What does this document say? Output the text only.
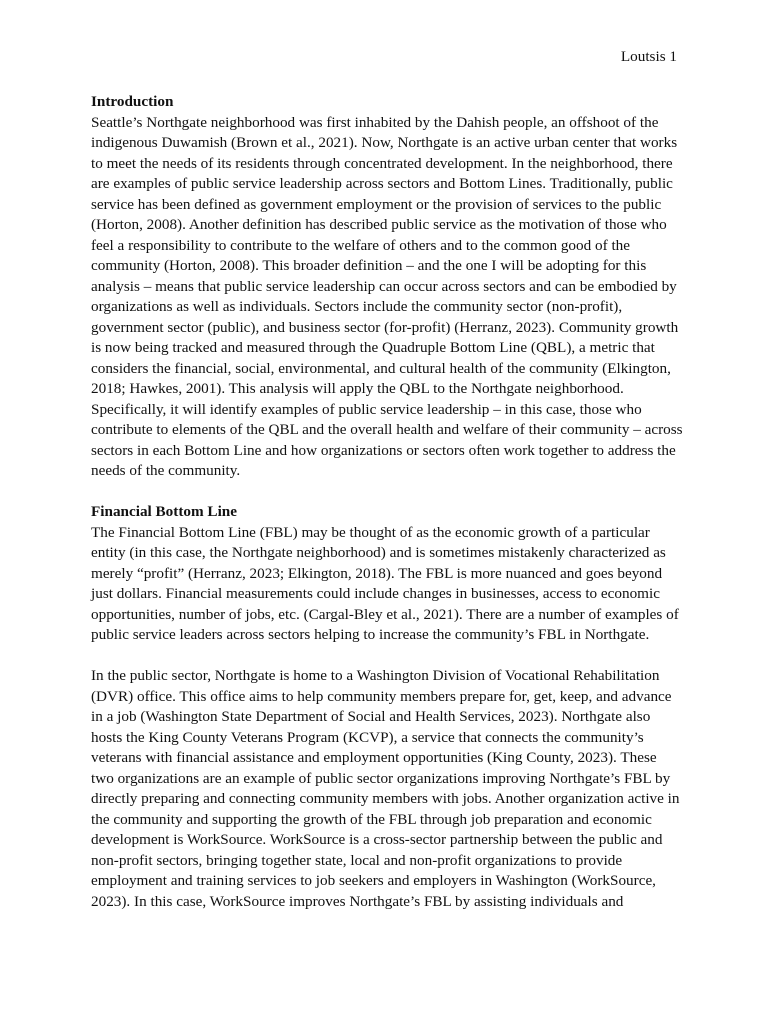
Loutsis 1
Introduction
Seattle’s Northgate neighborhood was first inhabited by the Dahish people, an offshoot of the
indigenous Duwamish (Brown et al., 2021). Now, Northgate is an active urban center that works
to meet the needs of its residents through concentrated development. In the neighborhood, there
are examples of public service leadership across sectors and Bottom Lines. Traditionally, public
service has been defined as government employment or the provision of services to the public
(Horton, 2008). Another definition has described public service as the motivation of those who
feel a responsibility to contribute to the welfare of others and to the common good of the
community (Horton, 2008). This broader definition – and the one I will be adopting for this
analysis – means that public service leadership can occur across sectors and can be embodied by
organizations as well as individuals. Sectors include the community sector (non-profit),
government sector (public), and business sector (for-profit) (Herranz, 2023). Community growth
is now being tracked and measured through the Quadruple Bottom Line (QBL), a metric that
considers the financial, social, environmental, and cultural health of the community (Elkington,
2018; Hawkes, 2001). This analysis will apply the QBL to the Northgate neighborhood.
Specifically, it will identify examples of public service leadership – in this case, those who
contribute to elements of the QBL and the overall health and welfare of their community – across
sectors in each Bottom Line and how organizations or sectors often work together to address the
needs of the community.
Financial Bottom Line
The Financial Bottom Line (FBL) may be thought of as the economic growth of a particular
entity (in this case, the Northgate neighborhood) and is sometimes mistakenly characterized as
merely “profit” (Herranz, 2023; Elkington, 2018). The FBL is more nuanced and goes beyond
just dollars. Financial measurements could include changes in businesses, access to economic
opportunities, number of jobs, etc. (Cargal-Bley et al., 2021). There are a number of examples of
public service leaders across sectors helping to increase the community’s FBL in Northgate.
In the public sector, Northgate is home to a Washington Division of Vocational Rehabilitation
(DVR) office. This office aims to help community members prepare for, get, keep, and advance
in a job (Washington State Department of Social and Health Services, 2023). Northgate also
hosts the King County Veterans Program (KCVP), a service that connects the community’s
veterans with financial assistance and employment opportunities (King County, 2023). These
two organizations are an example of public sector organizations improving Northgate’s FBL by
directly preparing and connecting community members with jobs. Another organization active in
the community and supporting the growth of the FBL through job preparation and economic
development is WorkSource. WorkSource is a cross-sector partnership between the public and
non-profit sectors, bringing together state, local and non-profit organizations to provide
employment and training services to job seekers and employers in Washington (WorkSource,
2023). In this case, WorkSource improves Northgate’s FBL by assisting individuals and
